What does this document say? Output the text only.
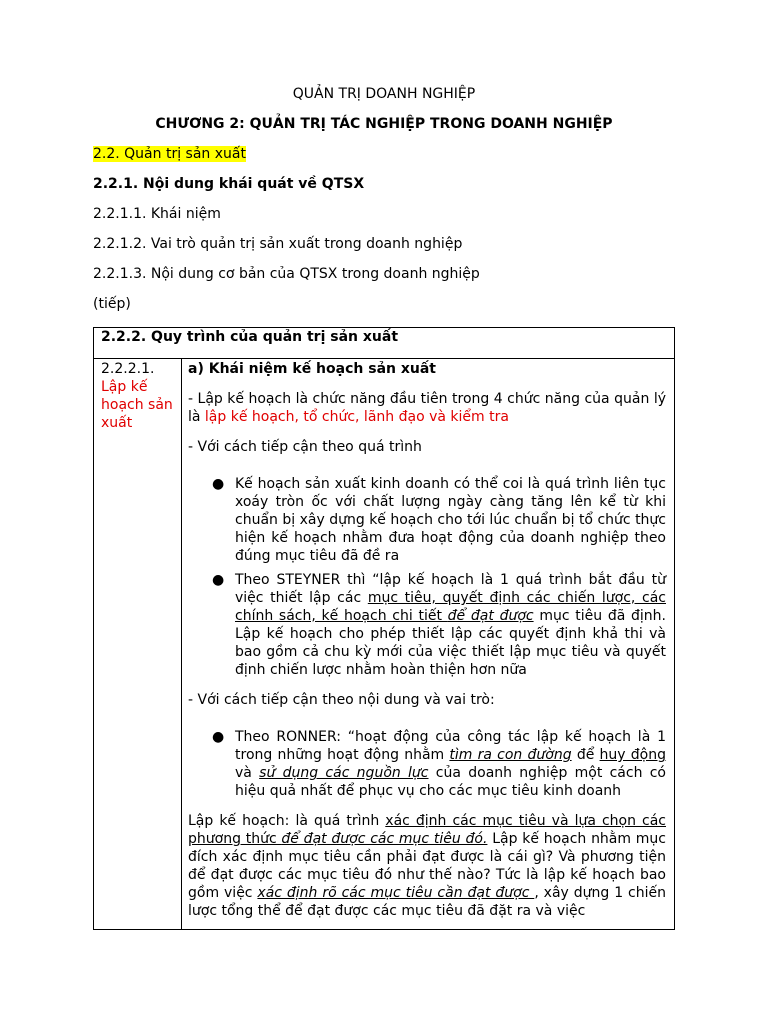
QUẢN TRỊ DOANH NGHIỆP

CHƯƠNG 2: QUẢN TRỊ TÁC NGHIỆP TRONG DOANH NGHIỆP

2.2. Quản trị sản xuất

2.2.1. Nội dung khái quát về QTSX

2.2.1.1. Khái niệm

2.2.1.2. Vai trò quản trị sản xuất trong doanh nghiệp

2.2.1.3. Nội dung cơ bản của QTSX trong doanh nghiệp

(tiếp)

2.2.2. Quy trình của quản trị sản xuất
2.2.2.1.
Lập kế hoạch sản xuất

a) Khái niệm kế hoạch sản xuất

- Lập kế hoạch là chức năng đầu tiên trong 4 chức năng của quản lý là lập kế hoạch, tổ chức, lãnh đạo và kiểm tra

- Với cách tiếp cận theo quá trình

● Kế hoạch sản xuất kinh doanh có thể coi là quá trình liên tục xoáy tròn ốc với chất lượng ngày càng tăng lên kể từ khi chuẩn bị xây dựng kế hoạch cho tới lúc chuẩn bị tổ chức thực hiện kế hoạch nhằm đưa hoạt động của doanh nghiệp theo đúng mục tiêu đã đề ra

● Theo STEYNER thì “lập kế hoạch là 1 quá trình bắt đầu từ việc thiết lập các mục tiêu, quyết định các chiến lược, các chính sách, kế hoạch chi tiết để đạt được mục tiêu đã định. Lập kế hoạch cho phép thiết lập các quyết định khả thi và bao gồm cả chu kỳ mới của việc thiết lập mục tiêu và quyết định chiến lược nhằm hoàn thiện hơn nữa

- Với cách tiếp cận theo nội dung và vai trò:

● Theo RONNER: “hoạt động của công tác lập kế hoạch là 1 trong những hoạt động nhằm tìm ra con đường để huy động và sử dụng các nguồn lực của doanh nghiệp một cách có hiệu quả nhất để phục vụ cho các mục tiêu kinh doanh

Lập kế hoạch: là quá trình xác định các mục tiêu và lựa chọn các phương thức để đạt được các mục tiêu đó. Lập kế hoạch nhằm mục đích xác định mục tiêu cần phải đạt được là cái gì? Và phương tiện để đạt được các mục tiêu đó như thế nào? Tức là lập kế hoạch bao gồm việc xác định rõ các mục tiêu cần đạt được , xây dựng 1 chiến lược tổng thể để đạt được các mục tiêu đã đặt ra và việc
